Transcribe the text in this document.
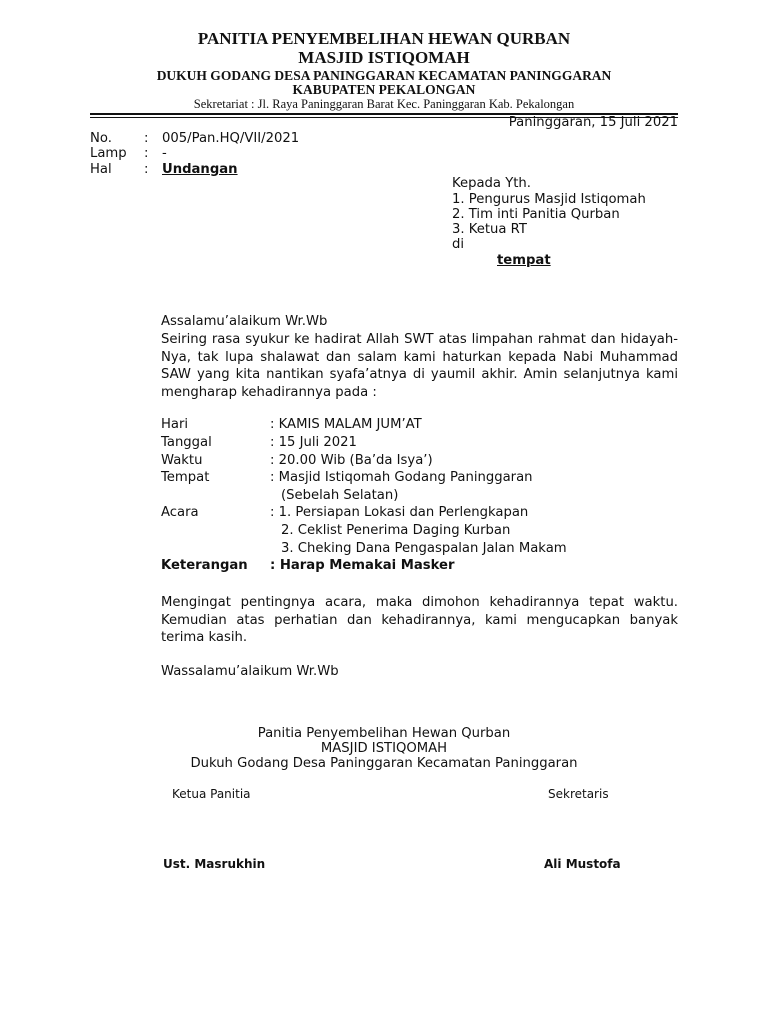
PANITIA PENYEMBELIHAN HEWAN QURBAN
MASJID ISTIQOMAH
DUKUH GODANG DESA PANINGGARAN KECAMATAN PANINGGARAN
KABUPATEN PEKALONGAN
Sekretariat : Jl. Raya Paninggaran Barat Kec. Paninggaran Kab. Pekalongan
Paninggaran, 15 Juli 2021
No. : 005/Pan.HQ/VII/2021
Lamp : -
Hal : Undangan
Kepada Yth.
1. Pengurus Masjid Istiqomah
2. Tim inti Panitia Qurban
3. Ketua RT
di
tempat
Assalamu’alaikum Wr.Wb
Seiring rasa syukur ke hadirat Allah SWT atas limpahan rahmat dan hidayah-Nya, tak lupa shalawat dan salam kami haturkan kepada Nabi Muhammad SAW yang kita nantikan syafa’atnya di yaumil akhir. Amin selanjutnya kami mengharap kehadirannya pada :
Hari	: KAMIS MALAM JUM’AT
Tanggal	: 15 Juli 2021
Waktu	: 20.00 Wib (Ba’da Isya’)
Tempat	: Masjid Istiqomah Godang Paninggaran
(Sebelah Selatan)
Acara	: 1. Persiapan Lokasi dan Perlengkapan
2. Ceklist Penerima Daging Kurban
3. Cheking Dana Pengaspalan Jalan Makam
Keterangan : Harap Memakai Masker
Mengingat pentingnya acara, maka dimohon kehadirannya tepat waktu. Kemudian atas perhatian dan kehadirannya, kami mengucapkan banyak terima kasih.
Wassalamu’alaikum Wr.Wb
Panitia Penyembelihan Hewan Qurban
MASJID ISTIQOMAH
Dukuh Godang Desa Paninggaran Kecamatan Paninggaran
Ketua Panitia	Sekretaris
Ust. Masrukhin	Ali Mustofa
